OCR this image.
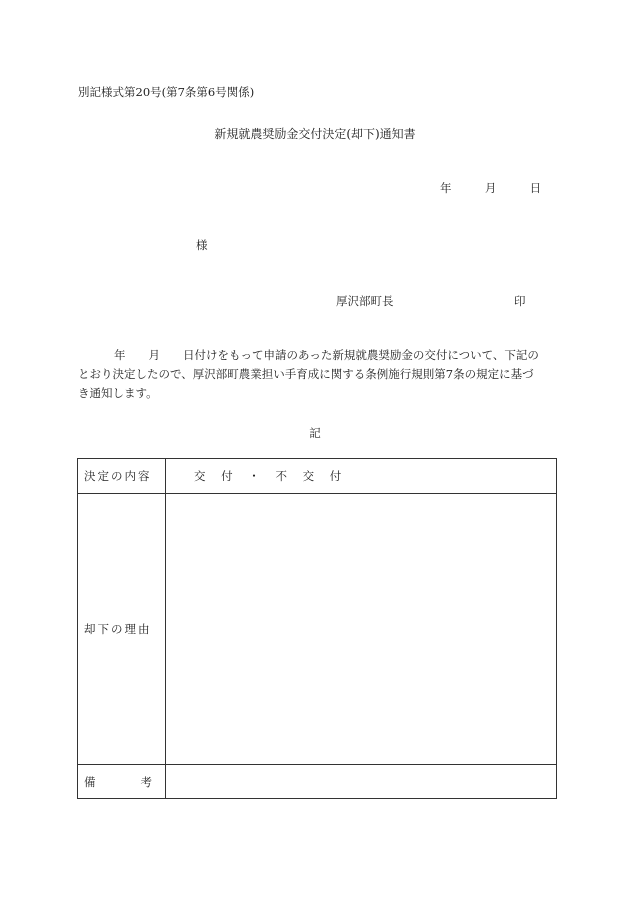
別記様式第20号(第7条第6号関係)
新規就農奨励金交付決定(却下)通知書
年	月	日
様
厚沢部町長	印
年　　月　　日付けをもって申請のあった新規就農奨励金の交付について、下記の
とおり決定したので、厚沢部町農業担い手育成に関する条例施行規則第7条の規定に基づ
き通知します。
記
決定の内容	交 付 ・ 不 交 付
却下の理由	

備 考	
